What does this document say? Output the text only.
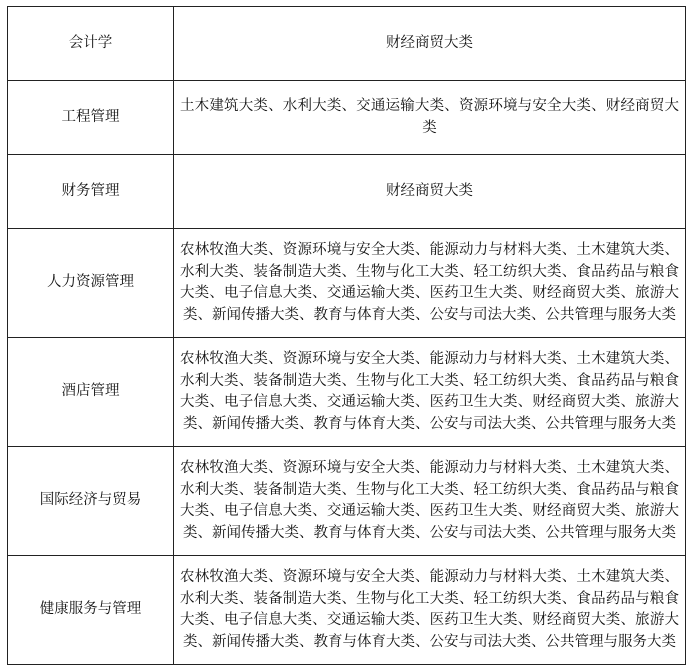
会计学	财经商贸大类
工程管理	土木建筑大类、水利大类、交通运输大类、资源环境与安全大类、财经商贸大类
财务管理	财经商贸大类
人力资源管理	农林牧渔大类、资源环境与安全大类、能源动力与材料大类、土木建筑大类、水利大类、装备制造大类、生物与化工大类、轻工纺织大类、食品药品与粮食大类、电子信息大类、交通运输大类、医药卫生大类、财经商贸大类、旅游大类、新闻传播大类、教育与体育大类、公安与司法大类、公共管理与服务大类
酒店管理	农林牧渔大类、资源环境与安全大类、能源动力与材料大类、土木建筑大类、水利大类、装备制造大类、生物与化工大类、轻工纺织大类、食品药品与粮食大类、电子信息大类、交通运输大类、医药卫生大类、财经商贸大类、旅游大类、新闻传播大类、教育与体育大类、公安与司法大类、公共管理与服务大类
国际经济与贸易	农林牧渔大类、资源环境与安全大类、能源动力与材料大类、土木建筑大类、水利大类、装备制造大类、生物与化工大类、轻工纺织大类、食品药品与粮食大类、电子信息大类、交通运输大类、医药卫生大类、财经商贸大类、旅游大类、新闻传播大类、教育与体育大类、公安与司法大类、公共管理与服务大类
健康服务与管理	农林牧渔大类、资源环境与安全大类、能源动力与材料大类、土木建筑大类、水利大类、装备制造大类、生物与化工大类、轻工纺织大类、食品药品与粮食大类、电子信息大类、交通运输大类、医药卫生大类、财经商贸大类、旅游大类、新闻传播大类、教育与体育大类、公安与司法大类、公共管理与服务大类
